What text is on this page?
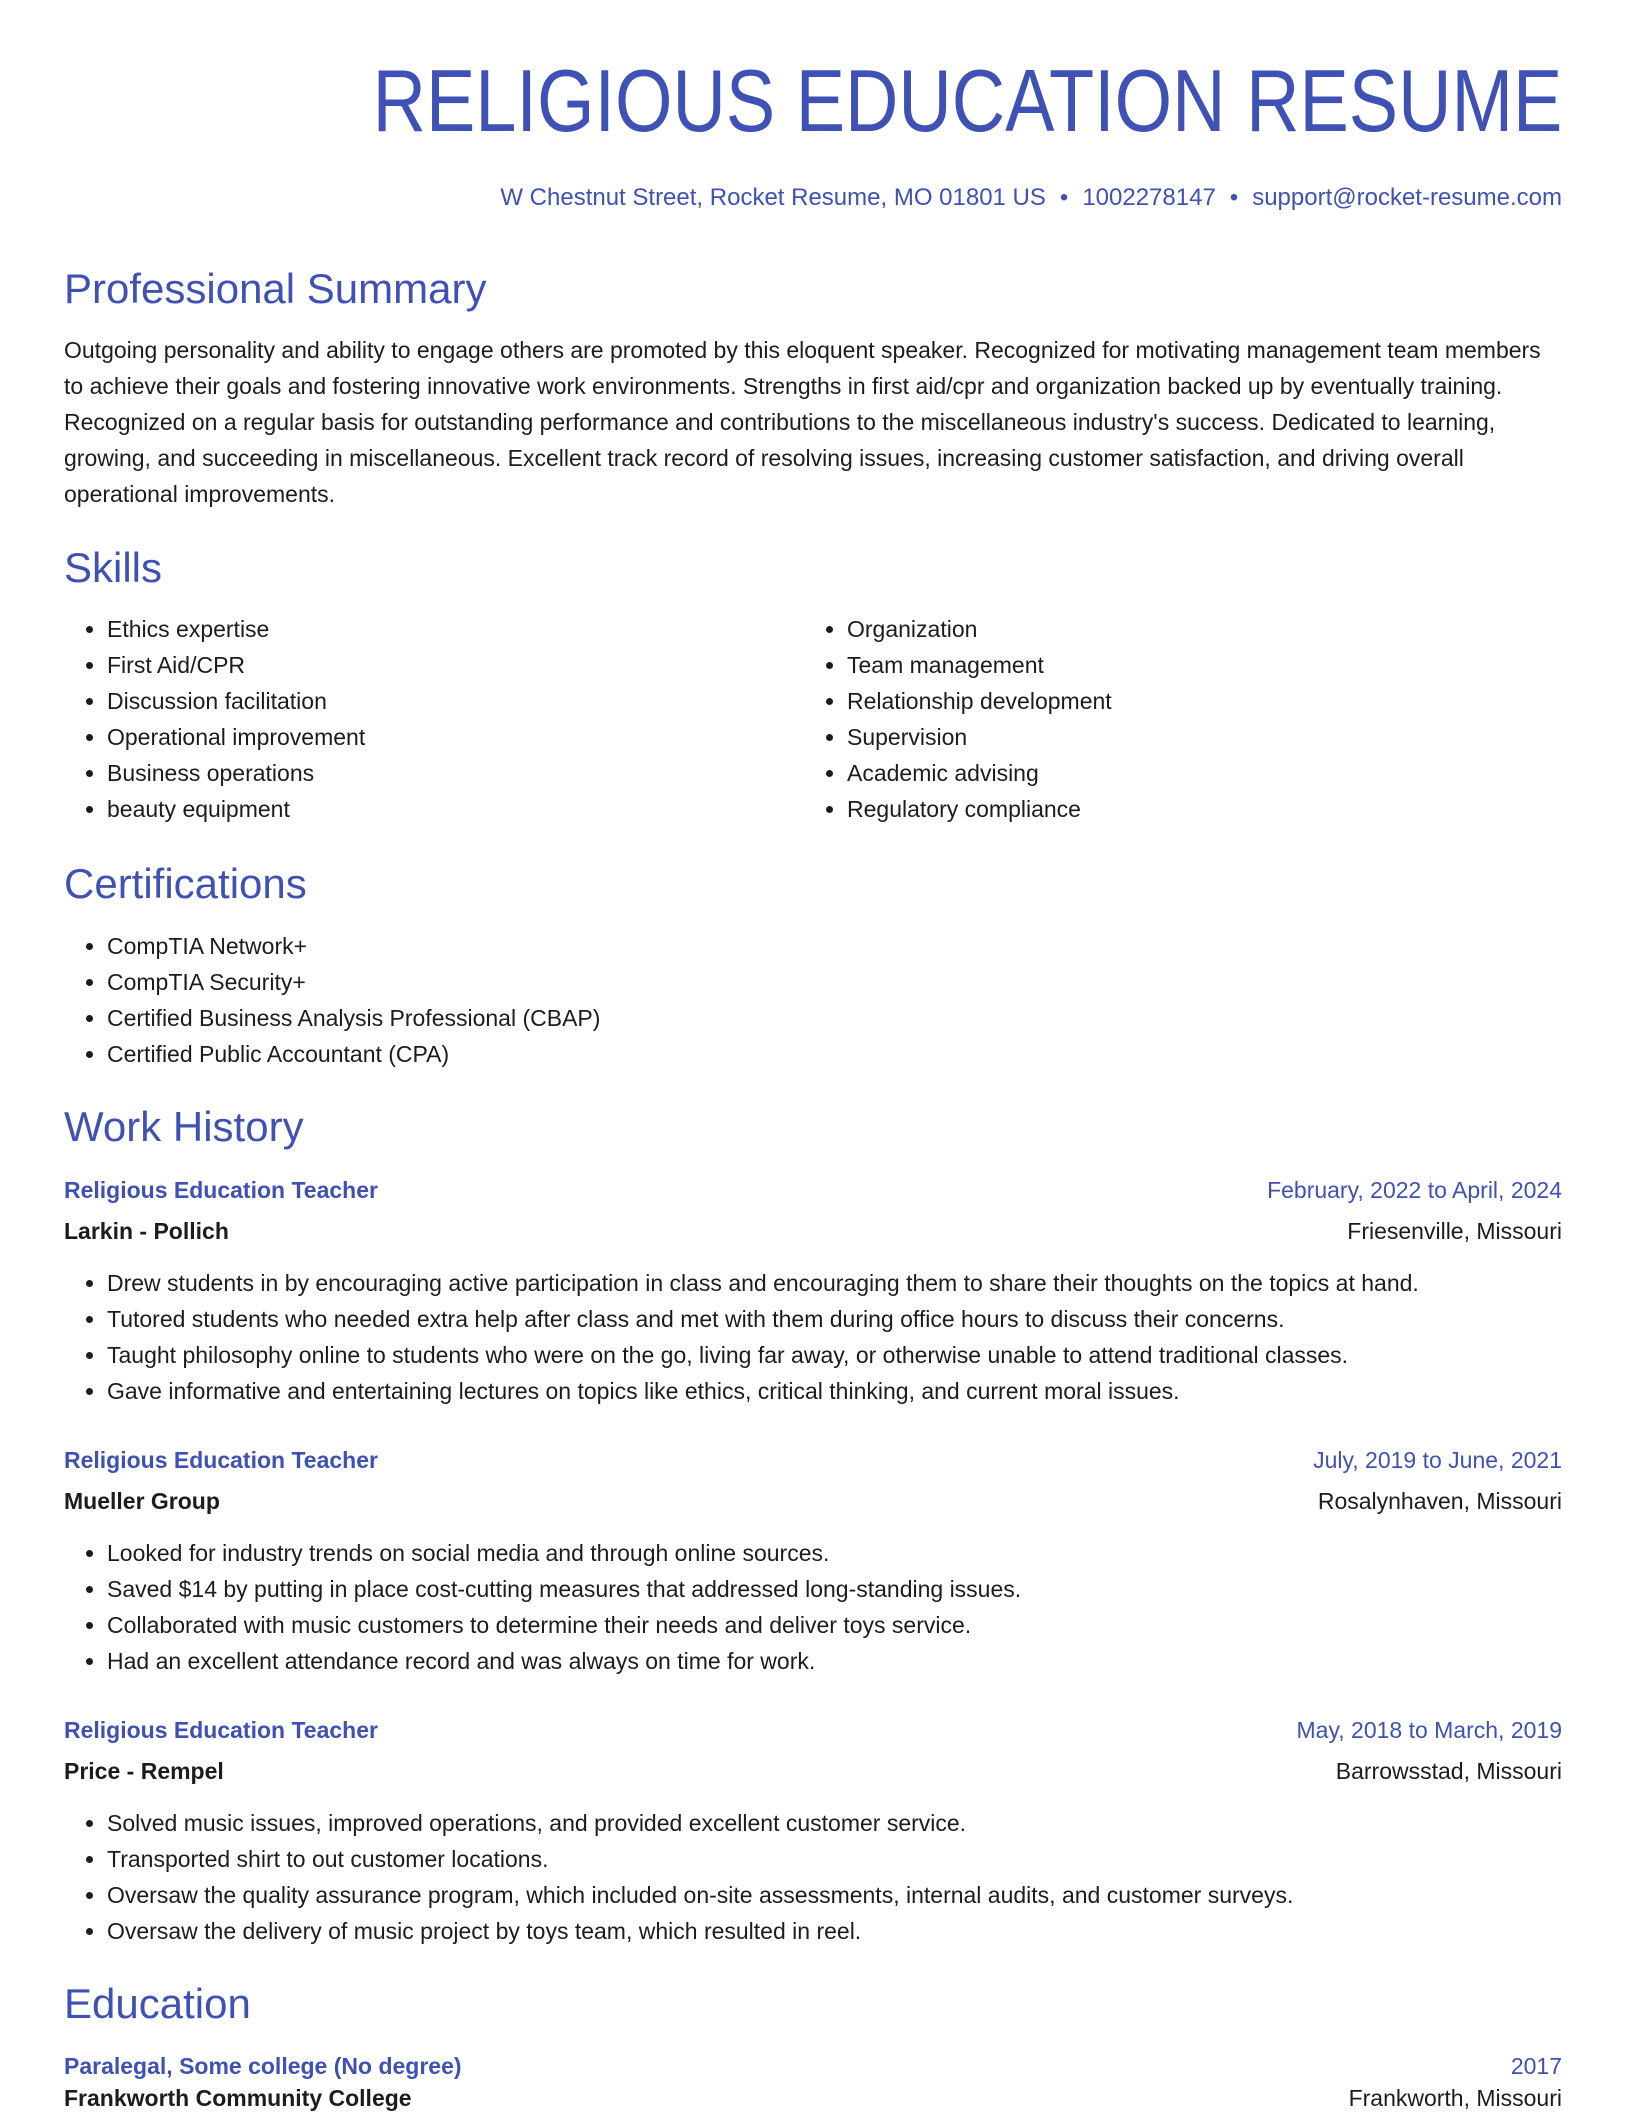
RELIGIOUS EDUCATION RESUME
W Chestnut Street, Rocket Resume, MO 01801 US • 1002278147 • support@rocket-resume.com
Professional Summary

Outgoing personality and ability to engage others are promoted by this eloquent speaker. Recognized for motivating management team members to achieve their goals and fostering innovative work environments. Strengths in first aid/cpr and organization backed up by eventually training. Recognized on a regular basis for outstanding performance and contributions to the miscellaneous industry's success. Dedicated to learning, growing, and succeeding in miscellaneous. Excellent track record of resolving issues, increasing customer satisfaction, and driving overall operational improvements.

Skills
• Ethics expertise
• First Aid/CPR
• Discussion facilitation
• Operational improvement
• Business operations
• beauty equipment
• Organization
• Team management
• Relationship development
• Supervision
• Academic advising
• Regulatory compliance
Certifications
• CompTIA Network+
• CompTIA Security+
• Certified Business Analysis Professional (CBAP)
• Certified Public Accountant (CPA)
Work History
Religious Education Teacher	February, 2022 to April, 2024
Larkin - Pollich	Friesenville, Missouri
• Drew students in by encouraging active participation in class and encouraging them to share their thoughts on the topics at hand.
• Tutored students who needed extra help after class and met with them during office hours to discuss their concerns.
• Taught philosophy online to students who were on the go, living far away, or otherwise unable to attend traditional classes.
• Gave informative and entertaining lectures on topics like ethics, critical thinking, and current moral issues.
Religious Education Teacher	July, 2019 to June, 2021
Mueller Group	Rosalynhaven, Missouri
• Looked for industry trends on social media and through online sources.
• Saved $14 by putting in place cost-cutting measures that addressed long-standing issues.
• Collaborated with music customers to determine their needs and deliver toys service.
• Had an excellent attendance record and was always on time for work.
Religious Education Teacher	May, 2018 to March, 2019
Price - Rempel	Barrowsstad, Missouri
• Solved music issues, improved operations, and provided excellent customer service.
• Transported shirt to out customer locations.
• Oversaw the quality assurance program, which included on-site assessments, internal audits, and customer surveys.
• Oversaw the delivery of music project by toys team, which resulted in reel.
Education
Paralegal, Some college (No degree)	2017
Frankworth Community College	Frankworth, Missouri
